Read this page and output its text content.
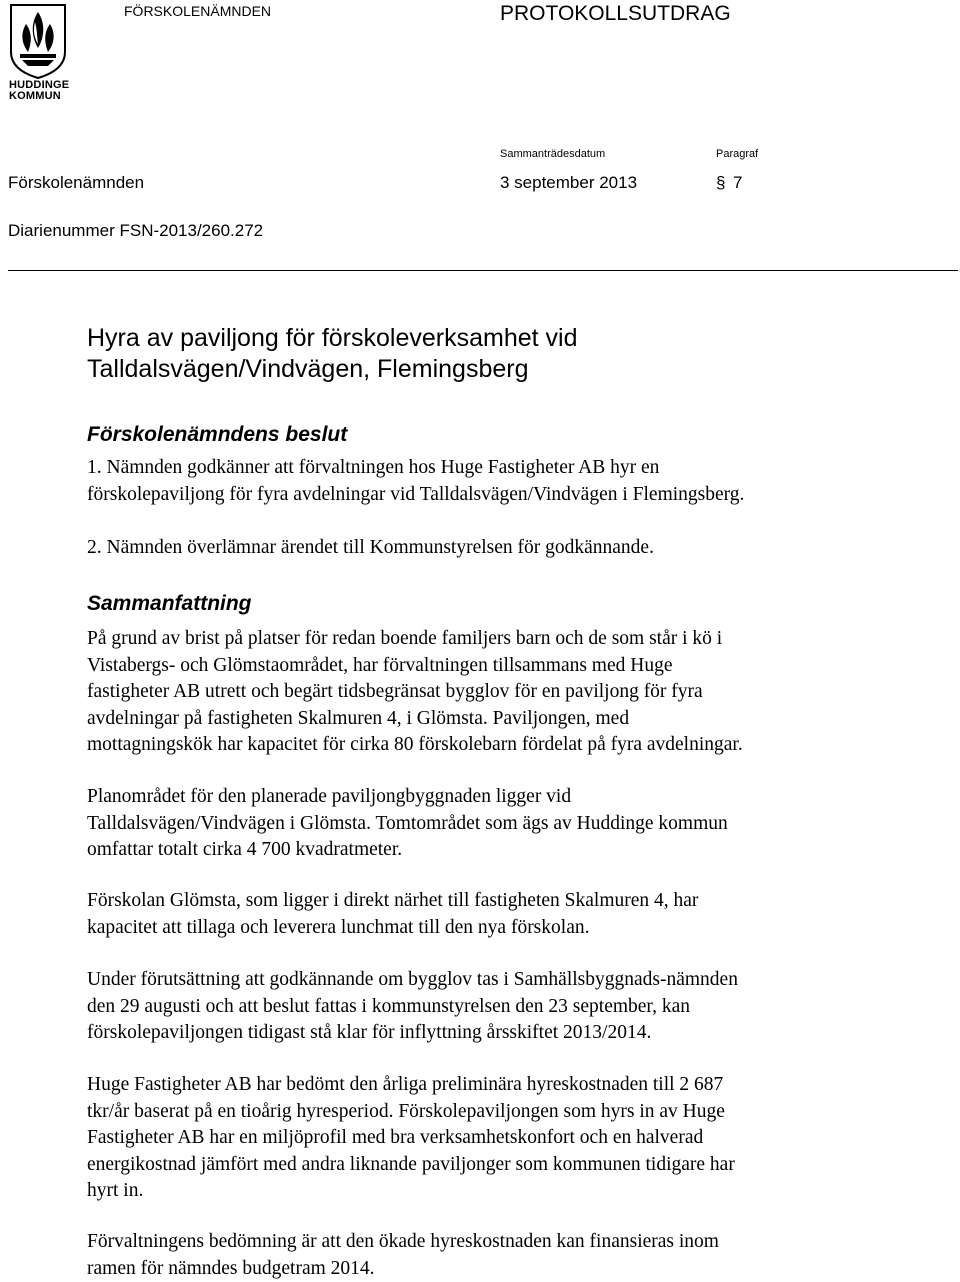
HUDDINGE
KOMMUN
FÖRSKOLENÄMNDEN	PROTOKOLLSUTDRAG
Sammanträdesdatum	Paragraf
Förskolenämnden	3 september 2013	§ 7
Diarienummer FSN-2013/260.272
Hyra av paviljong för förskoleverksamhet vid
Talldalsvägen/Vindvägen, Flemingsberg
Förskolenämndens beslut
1. Nämnden godkänner att förvaltningen hos Huge Fastigheter AB hyr en
förskolepaviljong för fyra avdelningar vid Talldalsvägen/Vindvägen i Flemingsberg.
2. Nämnden överlämnar ärendet till Kommunstyrelsen för godkännande.
Sammanfattning
På grund av brist på platser för redan boende familjers barn och de som står i kö i
Vistabergs- och Glömstaområdet, har förvaltningen tillsammans med Huge
fastigheter AB utrett och begärt tidsbegränsat bygglov för en paviljong för fyra
avdelningar på fastigheten Skalmuren 4, i Glömsta. Paviljongen, med
mottagningskök har kapacitet för cirka 80 förskolebarn fördelat på fyra avdelningar.
Planområdet för den planerade paviljongbyggnaden ligger vid
Talldalsvägen/Vindvägen i Glömsta. Tomtområdet som ägs av Huddinge kommun
omfattar totalt cirka 4 700 kvadratmeter.
Förskolan Glömsta, som ligger i direkt närhet till fastigheten Skalmuren 4, har
kapacitet att tillaga och leverera lunchmat till den nya förskolan.
Under förutsättning att godkännande om bygglov tas i Samhällsbyggnads-nämnden
den 29 augusti och att beslut fattas i kommunstyrelsen den 23 september, kan
förskolepaviljongen tidigast stå klar för inflyttning årsskiftet 2013/2014.
Huge Fastigheter AB har bedömt den årliga preliminära hyreskostnaden till 2 687
tkr/år baserat på en tioårig hyresperiod. Förskolepaviljongen som hyrs in av Huge
Fastigheter AB har en miljöprofil med bra verksamhetskonfort och en halverad
energikostnad jämfört med andra liknande paviljonger som kommunen tidigare har
hyrt in.
Förvaltningens bedömning är att den ökade hyreskostnaden kan finansieras inom
ramen för nämndes budgetram 2014.
